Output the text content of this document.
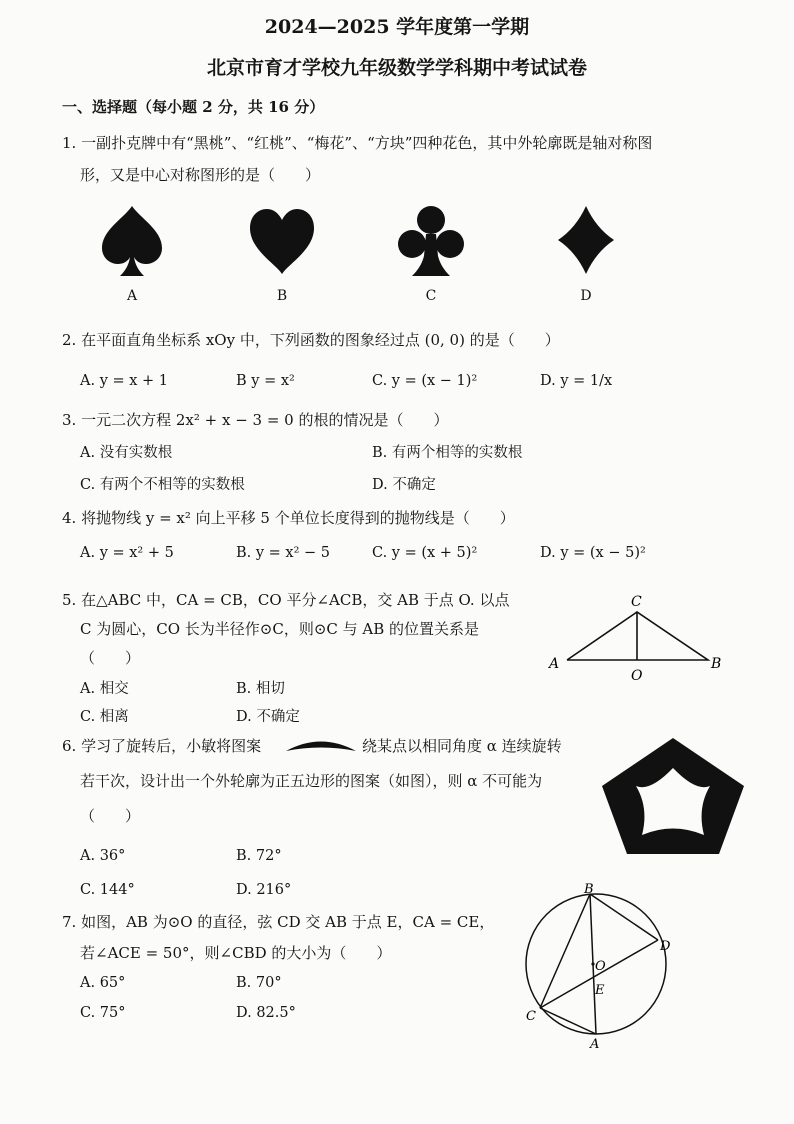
2024—2025 学年度第一学期
北京市育才学校九年级数学学科期中考试试卷
一、选择题（每小题 2 分，共 16 分）
1. 一副扑克牌中有“黑桃”、“红桃”、“梅花”、“方块”四种花色，其中外轮廓既是轴对称图
形，又是中心对称图形的是（　　）
A	B	C	D
2. 在平面直角坐标系 xOy 中，下列函数的图象经过点 (0, 0) 的是（　　）
A. y = x + 1	B y = x²	C. y = (x − 1)²	D. y = 1/x
3. 一元二次方程 2x² + x − 3 = 0 的根的情况是（　　）
A. 没有实数根	B. 有两个相等的实数根
C. 有两个不相等的实数根	D. 不确定
4. 将抛物线 y = x² 向上平移 5 个单位长度得到的抛物线是（　　）
A. y = x² + 5	B. y = x² − 5	C. y = (x + 5)²	D. y = (x − 5)²
5. 在△ABC 中，CA = CB，CO 平分∠ACB，交 AB 于点 O. 以点
C 为圆心，CO 长为半径作⊙C，则⊙C 与 AB 的位置关系是
（　　）
A. 相交	B. 相切
C. 相离	D. 不确定
C
A	B
O
6. 学习了旋转后，小敏将图案	绕某点以相同角度 α 连续旋转
若干次，设计出一个外轮廓为正五边形的图案（如图），则 α 不可能为
（　　）
A. 36°	B. 72°
C. 144°	D. 216°
7. 如图，AB 为⊙O 的直径，弦 CD 交 AB 于点 E，CA = CE，
若∠ACE = 50°，则∠CBD 的大小为（　　）
A. 65°	B. 70°
C. 75°	D. 82.5°
B
D
O
E
C
A
